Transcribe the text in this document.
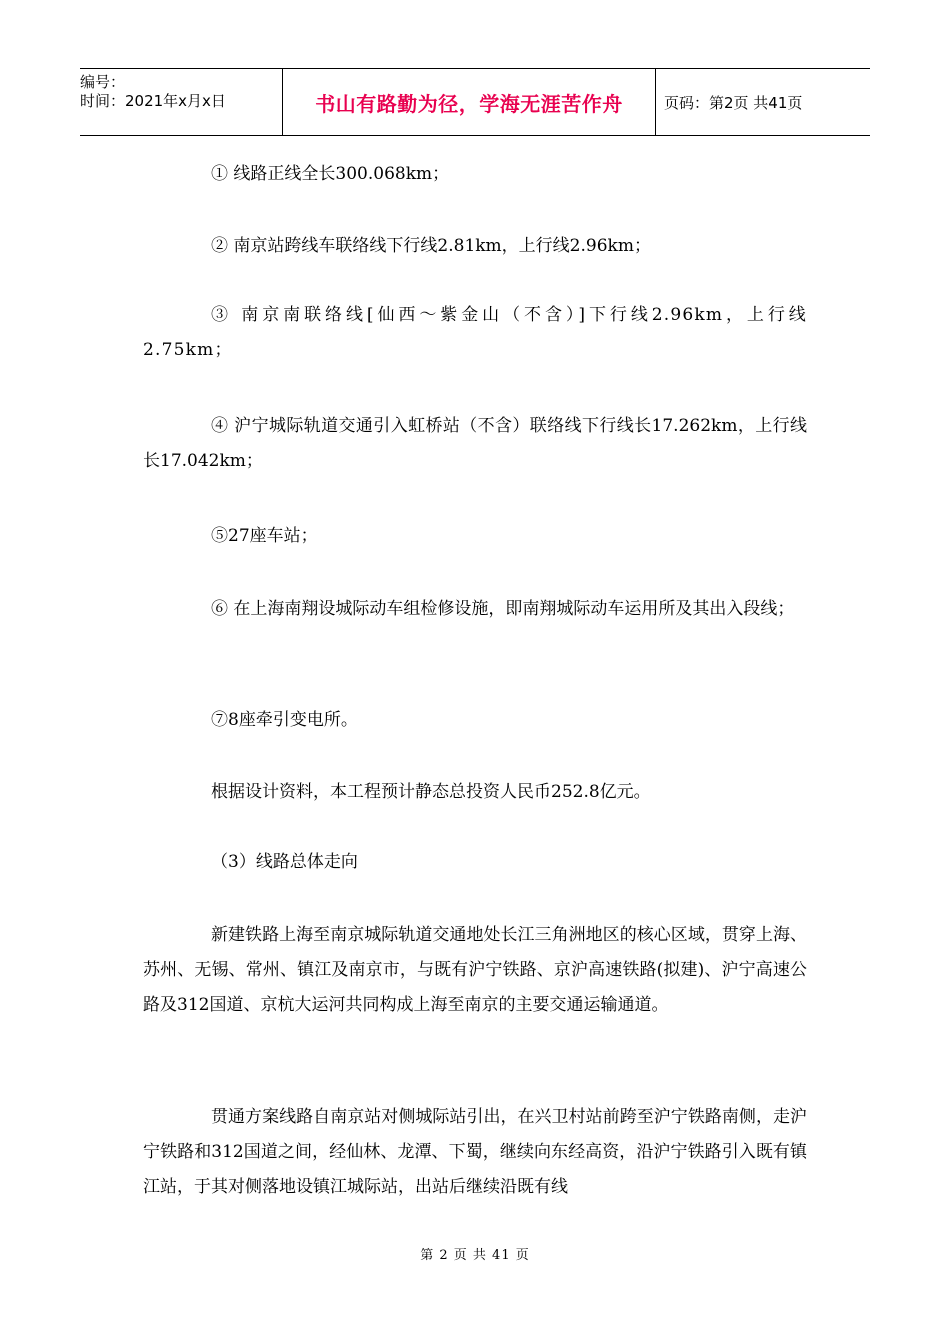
编号：
时间：2021年x月x日	书山有路勤为径，学海无涯苦作舟	页码：第2页 共41页

① 线路正线全长300.068km；

② 南京站跨线车联络线下行线2.81km，上行线2.96km；

③ 南京南联络线[仙西～紫金山（不含）]下行线2.96km，上行线2.75km；

④ 沪宁城际轨道交通引入虹桥站（不含）联络线下行线长17.262km，上行线长17.042km；

⑤27座车站；

⑥ 在上海南翔设城际动车组检修设施，即南翔城际动车运用所及其出入段线；

⑦8座牵引变电所。

根据设计资料，本工程预计静态总投资人民币252.8亿元。

（3）线路总体走向

新建铁路上海至南京城际轨道交通地处长江三角洲地区的核心区域，贯穿上海、苏州、无锡、常州、镇江及南京市，与既有沪宁铁路、京沪高速铁路(拟建)、沪宁高速公路及312国道、京杭大运河共同构成上海至南京的主要交通运输通道。

贯通方案线路自南京站对侧城际站引出，在兴卫村站前跨至沪宁铁路南侧，走沪宁铁路和312国道之间，经仙林、龙潭、下蜀，继续向东经高资，沿沪宁铁路引入既有镇江站，于其对侧落地设镇江城际站，出站后继续沿既有线

第 2 页 共 41 页
